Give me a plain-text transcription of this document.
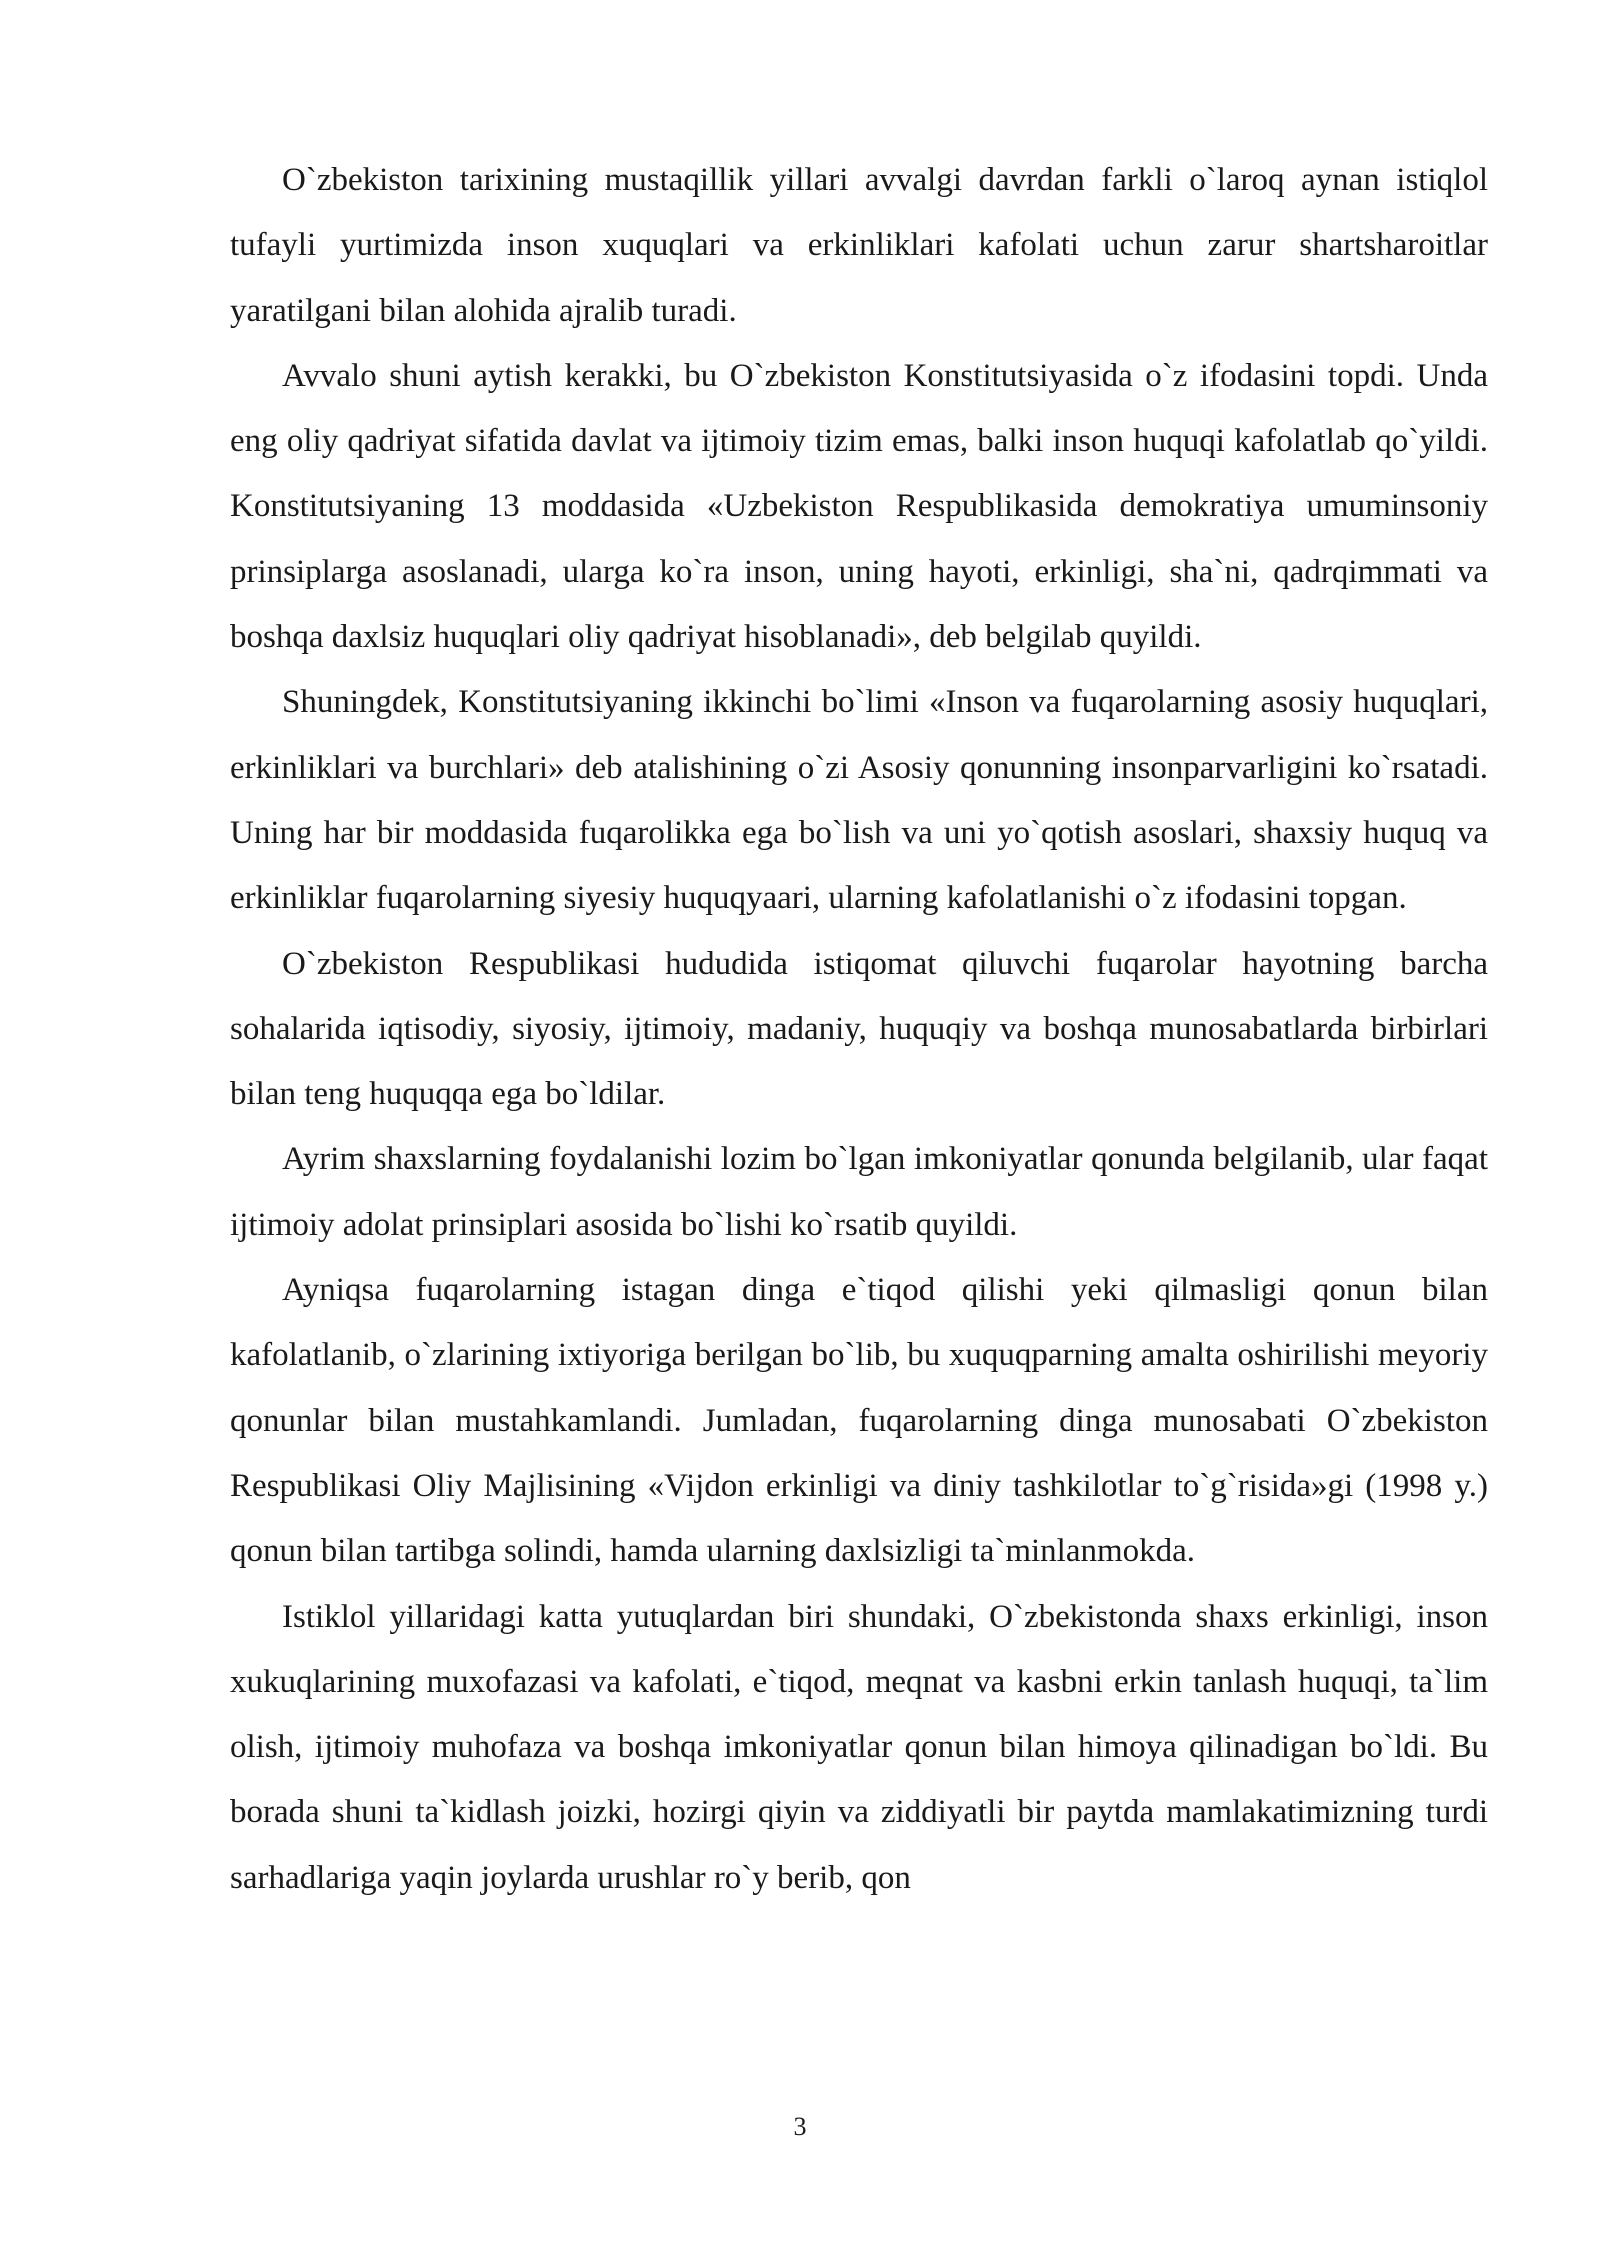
O`zbekiston tarixining mustaqillik yillari avvalgi davrdan farkli o`laroq aynan istiqlol tufayli yurtimizda inson xuquqlari va erkinliklari kafolati uchun zarur shartsharoitlar yaratilgani bilan alohida ajralib turadi.

Avvalo shuni aytish kerakki, bu O`zbekiston Konstitutsiyasida o`z ifodasini topdi. Unda eng oliy qadriyat sifatida davlat va ijtimoiy tizim emas, balki inson huquqi kafolatlab qo`yildi. Konstitutsiyaning 13 moddasida «Uzbekiston Respublikasida demokratiya umuminsoniy prinsiplarga asoslanadi, ularga ko`ra inson, uning hayoti, erkinligi, sha`ni, qadrqimmati va boshqa daxlsiz huquqlari oliy qadriyat hisoblanadi», deb belgilab quyildi.

Shuningdek, Konstitutsiyaning ikkinchi bo`limi «Inson va fuqarolarning asosiy huquqlari, erkinliklari va burchlari» deb atalishining o`zi Asosiy qonunning insonparvarligini ko`rsatadi. Uning har bir moddasida fuqarolikka ega bo`lish va uni yo`qotish asoslari, shaxsiy huquq va erkinliklar fuqarolarning siyesiy huquqyaari, ularning kafolatlanishi o`z ifodasini topgan.

O`zbekiston Respublikasi hududida istiqomat qiluvchi fuqarolar hayotning barcha sohalarida iqtisodiy, siyosiy, ijtimoiy, madaniy, huquqiy va boshqa munosabatlarda birbirlari bilan teng huquqqa ega bo`ldilar.

Ayrim shaxslarning foydalanishi lozim bo`lgan imkoniyatlar qonunda belgilanib, ular faqat ijtimoiy adolat prinsiplari asosida bo`lishi ko`rsatib quyildi.

Ayniqsa fuqarolarning istagan dinga e`tiqod qilishi yeki qilmasligi qonun bilan kafolatlanib, o`zlarining ixtiyoriga berilgan bo`lib, bu xuquqparning amalta oshirilishi meyoriy qonunlar bilan mustahkamlandi. Jumladan, fuqarolarning dinga munosabati O`zbekiston Respublikasi Oliy Majlisining «Vijdon erkinligi va diniy tashkilotlar to`g`risida»gi (1998 y.) qonun bilan tartibga solindi, hamda ularning daxlsizligi ta`minlanmokda.

Istiklol yillaridagi katta yutuqlardan biri shundaki, O`zbekistonda shaxs erkinligi, inson xukuqlarining muxofazasi va kafolati, e`tiqod, meqnat va kasbni erkin tanlash huquqi, ta`lim olish, ijtimoiy muhofaza va boshqa imkoniyatlar qonun bilan himoya qilinadigan bo`ldi. Bu borada shuni ta`kidlash joizki, hozirgi qiyin va ziddiyatli bir paytda mamlakatimizning turdi sarhadlariga yaqin joylarda urushlar ro`y berib, qon

3
